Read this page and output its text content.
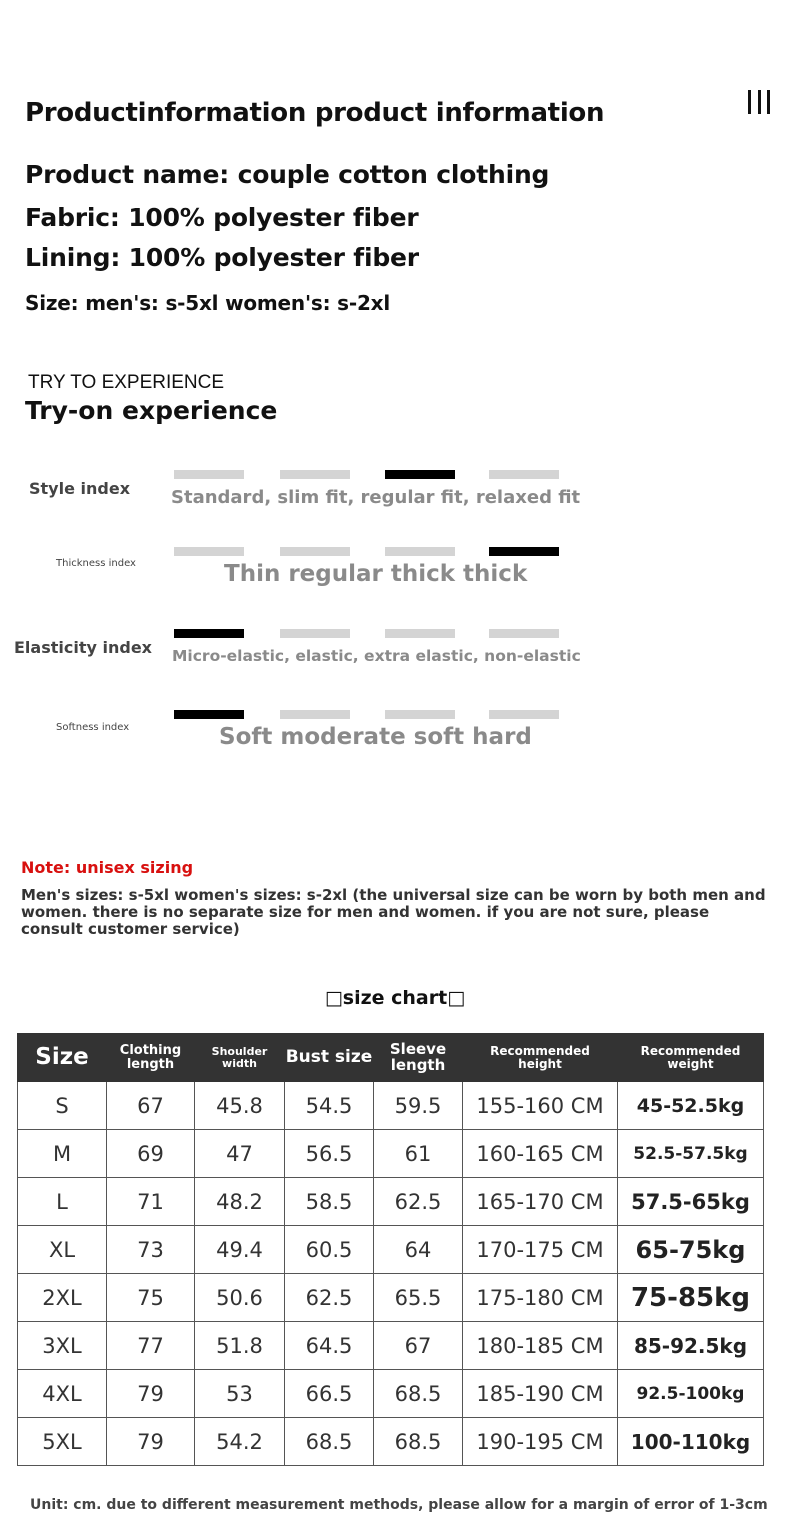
Productinformation product information
Product name: couple cotton clothing
Fabric: 100% polyester fiber
Lining: 100% polyester fiber
Size: men's: s-5xl women's: s-2xl
TRY TO EXPERIENCE
Try-on experience
Style index Standard, slim fit, regular fit, relaxed fit
Thickness index	Thin regular thick thick
Elasticity index Micro-elastic, elastic, extra elastic, non-elastic
Softness index	Soft moderate soft hard
Note: unisex sizing
Men's sizes: s-5xl women's sizes: s-2xl (the universal size can be worn by both men and women. there is no separate size for men and women. if you are not sure, please consult customer service)
□size chart□
Size	Clothing length	Shoulder width	Bust size	Sleeve length	Recommended height	Recommended weight
S	67	45.8	54.5	59.5	155-160 CM	45-52.5kg
M	69	47	56.5	61	160-165 CM	52.5-57.5kg
L	71	48.2	58.5	62.5	165-170 CM	57.5-65kg
XL	73	49.4	60.5	64	170-175 CM	65-75kg
2XL	75	50.6	62.5	65.5	175-180 CM	75-85kg
3XL	77	51.8	64.5	67	180-185 CM	85-92.5kg
4XL	79	53	66.5	68.5	185-190 CM	92.5-100kg
5XL	79	54.2	68.5	68.5	190-195 CM	100-110kg
Unit: cm. due to different measurement methods, please allow for a margin of error of 1-3cm
